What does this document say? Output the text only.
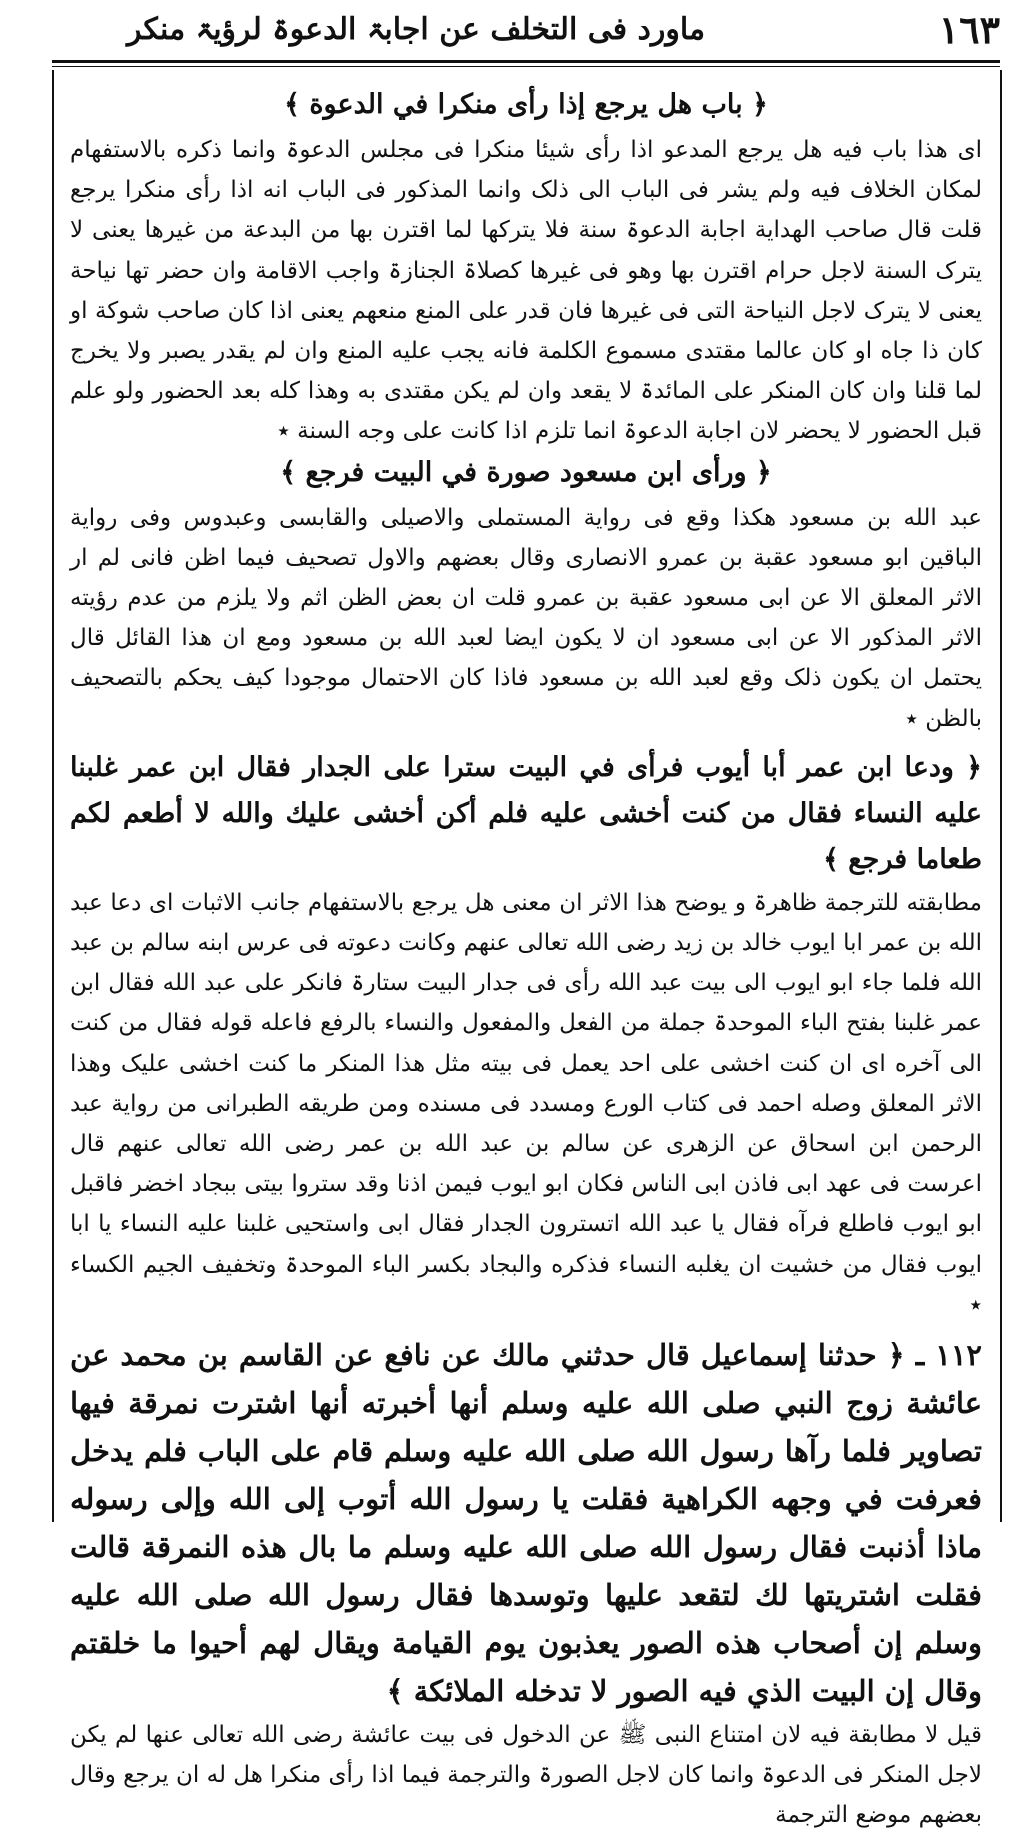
١٦٣
ماورد فی التخلف عن اجابۃ الدعوۃ لرؤیۃ منکر

﴿ باب هل يرجع إذا رأى منكرا في الدعوة ﴾

ای هذا باب فیه هل یرجع المدعو اذا رأی شیئا منکرا فی مجلس الدعوۃ وانما ذکره بالاستفهام لمکان الخلاف فیه ولم یشر فی الباب الی ذلک وانما المذکور فی الباب انه اذا رأی منکرا یرجع قلت قال صاحب الهدایة اجابة الدعوۃ سنة فلا یترکها لما اقترن بها من البدعة من غیرها یعنی لا یترک السنة لاجل حرام اقترن بها وهو فی غیرها کصلاۃ الجنازۃ واجب الاقامة وان حضر تها نیاحة یعنی لا یترک لاجل النیاحة التی فی غیرها فان قدر علی المنع منعهم یعنی اذا کان صاحب شوکة او کان ذا جاه او کان عالما مقتدی مسموع الکلمة فانه یجب علیه المنع وان لم یقدر یصبر ولا یخرج لما قلنا وان کان المنکر علی المائدۃ لا یقعد وان لم یکن مقتدی به وهذا کله بعد الحضور ولو علم قبل الحضور لا یحضر لان اجابة الدعوۃ انما تلزم اذا کانت علی وجه السنة ٭

﴿ ورأى ابن مسعود صورة في البيت فرجع ﴾

عبد الله بن مسعود هکذا وقع فی روایة المستملی والاصیلی والقابسی وعبدوس وفی روایة الباقین ابو مسعود عقبة بن عمرو الانصاری وقال بعضهم والاول تصحیف فیما اظن فانی لم ار الاثر المعلق الا عن ابی مسعود عقبة بن عمرو قلت ان بعض الظن اثم ولا یلزم من عدم رؤیته الاثر المذکور الا عن ابی مسعود ان لا یکون ایضا لعبد الله بن مسعود ومع ان هذا القائل قال یحتمل ان یکون ذلک وقع لعبد الله بن مسعود فاذا کان الاحتمال موجودا کیف یحکم بالتصحیف بالظن ٭

﴿ ودعا ابن عمر أبا أيوب فرأى في البيت سترا على الجدار فقال ابن عمر غلبنا عليه النساء فقال من كنت أخشى عليه فلم أكن أخشى عليك والله لا أطعم لكم طعاما فرجع ﴾

مطابقته للترجمة ظاهرۃ و یوضح هذا الاثر ان معنی هل یرجع بالاستفهام جانب الاثبات ای دعا عبد الله بن عمر ابا ایوب خالد بن زید رضی الله تعالی عنهم وکانت دعوته فی عرس ابنه سالم بن عبد الله فلما جاء ابو ایوب الی بیت عبد الله رأی فی جدار البیت ستارۃ فانکر علی عبد الله فقال ابن عمر غلبنا بفتح الباء الموحدۃ جملة من الفعل والمفعول والنساء بالرفع فاعله قوله فقال من کنت الی آخره ای ان کنت اخشی علی احد یعمل فی بیته مثل هذا المنکر ما کنت اخشی علیک وهذا الاثر المعلق وصله احمد فی کتاب الورع ومسدد فی مسنده ومن طریقه الطبرانی من روایة عبد الرحمن ابن اسحاق عن الزهری عن سالم بن عبد الله بن عمر رضی الله تعالی عنهم قال اعرست فی عهد ابی فاذن ابی الناس فکان ابو ایوب فیمن اذنا وقد ستروا بیتی ببجاد اخضر فاقبل ابو ایوب فاطلع فرآه فقال یا عبد الله اتسترون الجدار فقال ابی واستحیی غلبنا علیه النساء یا ابا ایوب فقال من خشیت ان یغلبه النساء فذکره والبجاد بکسر الباء الموحدۃ وتخفیف الجیم الکساء ٭

١١٢ ـ ﴿ حدثنا إسماعيل قال حدثني مالك عن نافع عن القاسم بن محمد عن عائشة زوج النبي صلى الله عليه وسلم أنها أخبرته أنها اشترت نمرقة فيها تصاوير فلما رآها رسول الله صلى الله عليه وسلم قام على الباب فلم يدخل فعرفت في وجهه الكراهية فقلت يا رسول الله أتوب إلى الله وإلى رسوله ماذا أذنبت فقال رسول الله صلى الله عليه وسلم ما بال هذه النمرقة قالت فقلت اشتريتها لك لتقعد عليها وتوسدها فقال رسول الله صلى الله عليه وسلم إن أصحاب هذه الصور يعذبون يوم القيامة ويقال لهم أحيوا ما خلقتم وقال إن البيت الذي فيه الصور لا تدخله الملائكة ﴾

قیل لا مطابقة فیه لان امتناع النبی ﷺ عن الدخول فی بیت عائشة رضی الله تعالی عنها لم یکن لاجل المنکر فی الدعوۃ وانما کان لاجل الصورۃ والترجمة فیما اذا رأی منکرا هل له ان یرجع وقال بعضهم موضع الترجمة
